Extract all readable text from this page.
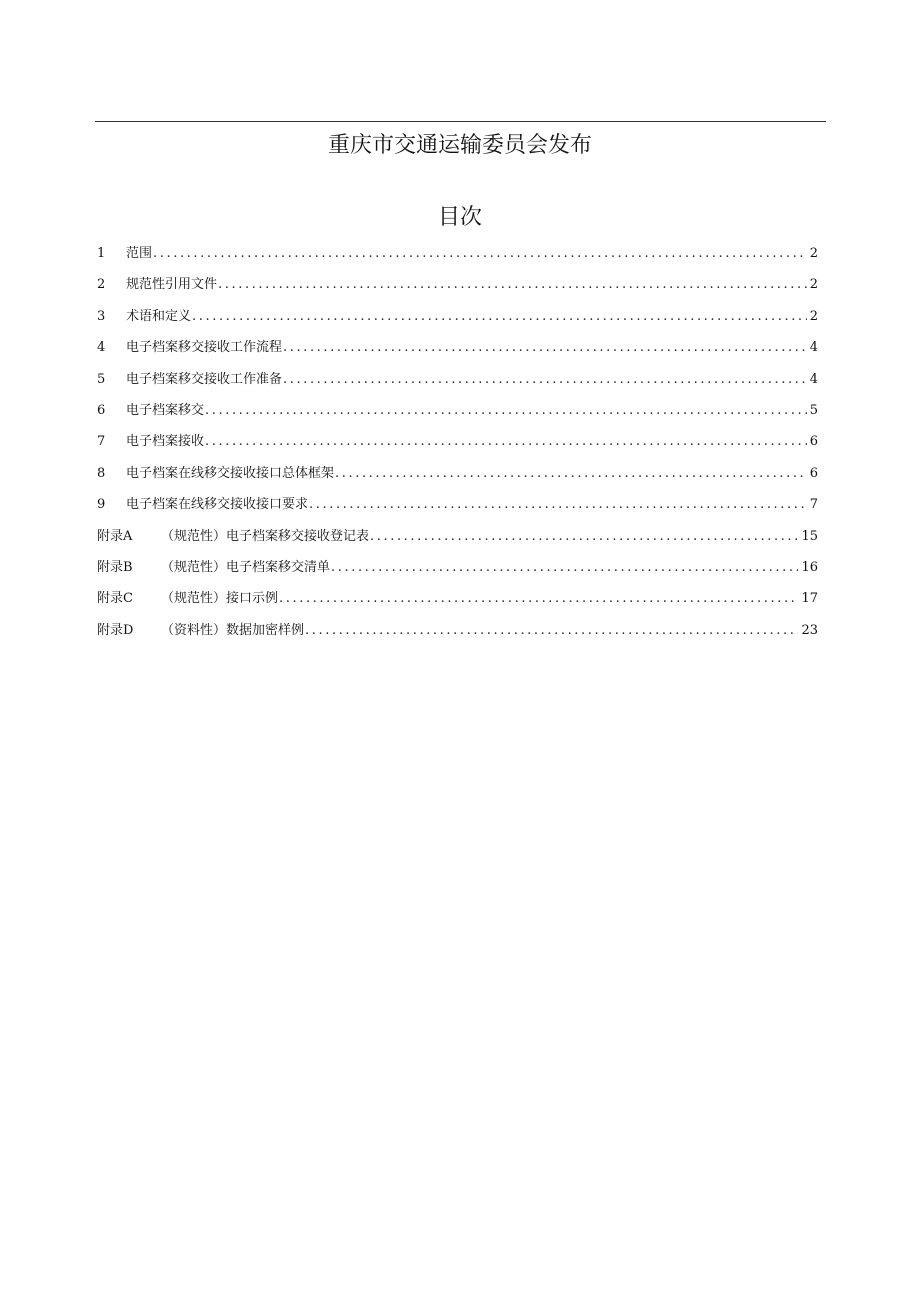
重庆市交通运输委员会发布
目次
1	范围 .....	2
2	规范性引用文件 .....	2
3	术语和定义 .....	2
4	电子档案移交接收工作流程 .....	4
5	电子档案移交接收工作准备 .....	4
6	电子档案移交 .....	5
7	电子档案接收 .....	6
8	电子档案在线移交接收接口总体框架 .....	6
9	电子档案在线移交接收接口要求 .....	7
附录A	（规范性）电子档案移交接收登记表 .....	15
附录B	（规范性）电子档案移交清单 .....	16
附录C	（规范性）接口示例 .....	17
附录D	（资料性）数据加密样例 .....	23
